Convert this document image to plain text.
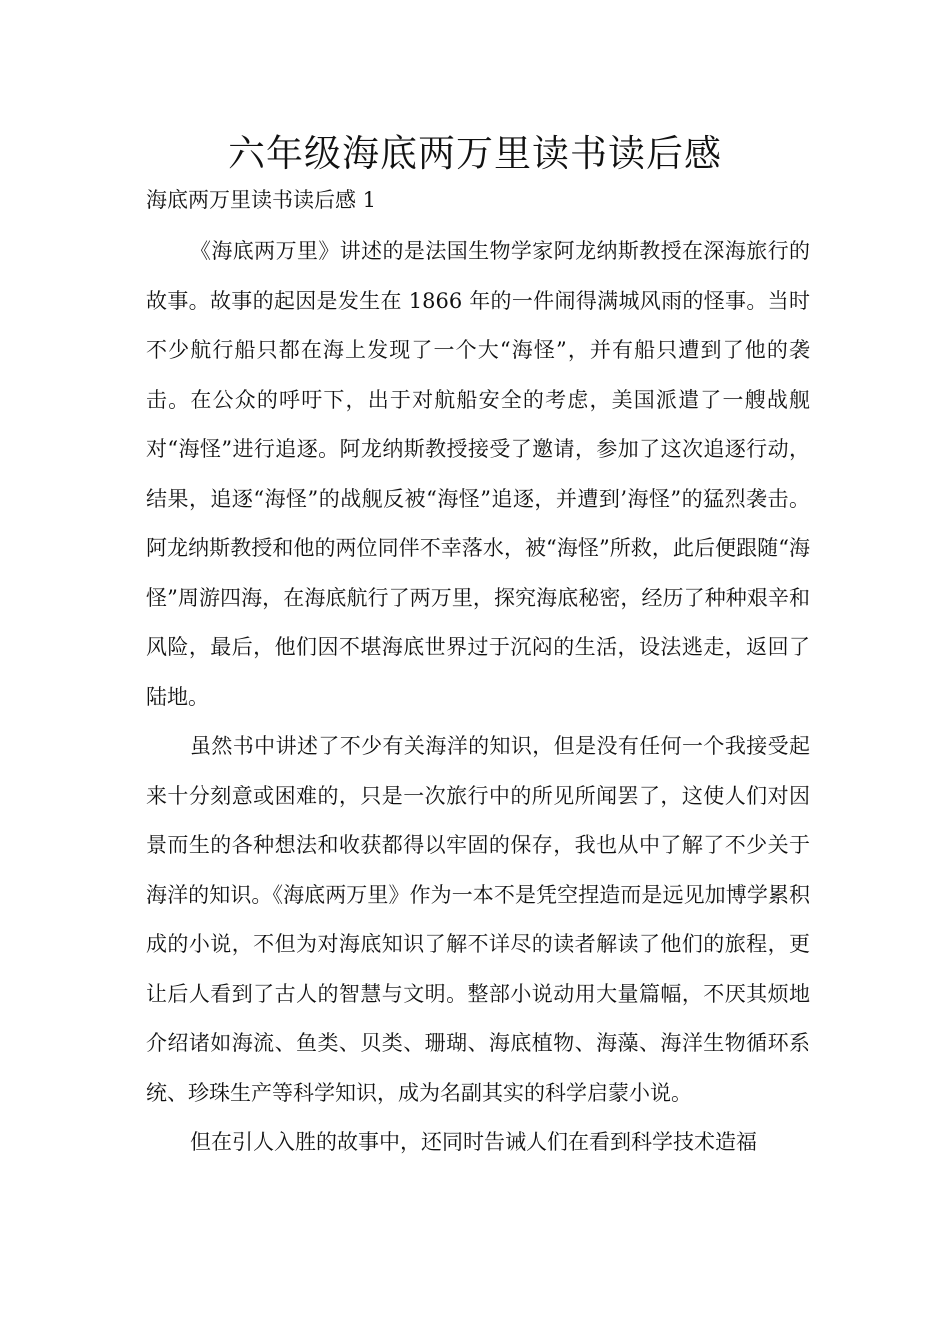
六年级海底两万里读书读后感

海底两万里读书读后感 1

《海底两万里》讲述的是法国生物学家阿龙纳斯教授在深海旅行的故事。故事的起因是发生在 1866 年的一件闹得满城风雨的怪事。当时不少航行船只都在海上发现了一个大“海怪”，并有船只遭到了他的袭击。在公众的呼吁下，出于对航船安全的考虑，美国派遣了一艘战舰对“海怪”进行追逐。阿龙纳斯教授接受了邀请，参加了这次追逐行动，结果，追逐“海怪”的战舰反被“海怪”追逐，并遭到’海怪”的猛烈袭击。阿龙纳斯教授和他的两位同伴不幸落水，被“海怪”所救，此后便跟随“海怪”周游四海，在海底航行了两万里，探究海底秘密，经历了种种艰辛和风险，最后，他们因不堪海底世界过于沉闷的生活，设法逃走，返回了陆地。

虽然书中讲述了不少有关海洋的知识，但是没有任何一个我接受起来十分刻意或困难的，只是一次旅行中的所见所闻罢了，这使人们对因景而生的各种想法和收获都得以牢固的保存，我也从中了解了不少关于海洋的知识。《海底两万里》作为一本不是凭空捏造而是远见加博学累积成的小说，不但为对海底知识了解不详尽的读者解读了他们的旅程，更让后人看到了古人的智慧与文明。整部小说动用大量篇幅，不厌其烦地介绍诸如海流、鱼类、贝类、珊瑚、海底植物、海藻、海洋生物循环系统、珍珠生产等科学知识，成为名副其实的科学启蒙小说。

但在引人入胜的故事中，还同时告诫人们在看到科学技术造福
